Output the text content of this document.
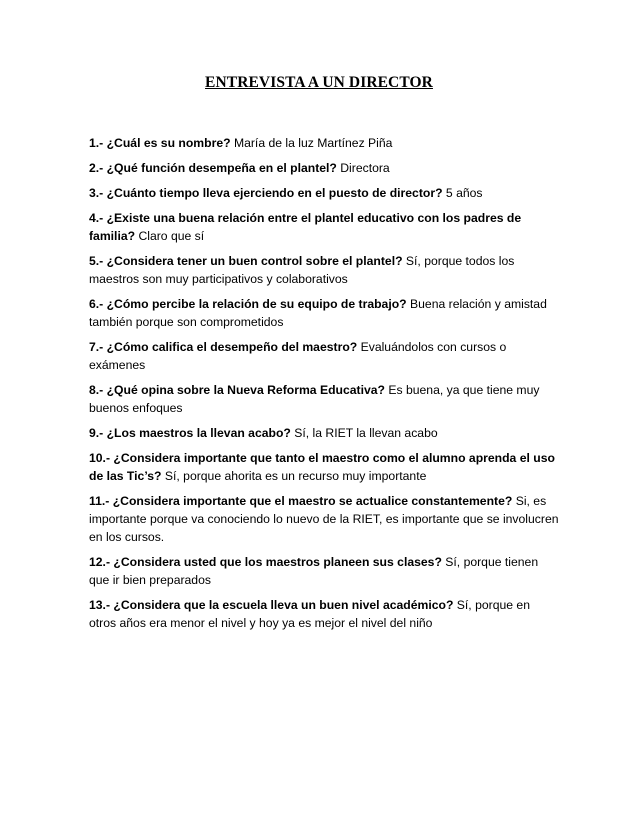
ENTREVISTA A UN DIRECTOR

1.- ¿Cuál es su nombre? María de la luz Martínez Piña

2.- ¿Qué función desempeña en el plantel? Directora

3.- ¿Cuánto tiempo lleva ejerciendo en el puesto de director? 5 años

4.- ¿Existe una buena relación entre el plantel educativo con los padres de familia? Claro que sí

5.- ¿Considera tener un buen control sobre el plantel? Sí, porque todos los maestros son muy participativos y colaborativos

6.- ¿Cómo percibe la relación de su equipo de trabajo? Buena relación y amistad también porque son comprometidos

7.- ¿Cómo califica el desempeño del maestro? Evaluándolos con cursos o exámenes

8.- ¿Qué opina sobre la Nueva Reforma Educativa? Es buena, ya que tiene muy buenos enfoques

9.- ¿Los maestros la llevan acabo? Sí, la RIET la llevan acabo

10.- ¿Considera importante que tanto el maestro como el alumno aprenda el uso de las Tic’s? Sí, porque ahorita es un recurso muy importante

11.- ¿Considera importante que el maestro se actualice constantemente? Si, es importante porque va conociendo lo nuevo de la RIET, es importante que se involucren en los cursos.

12.- ¿Considera usted que los maestros planeen sus clases? Sí, porque tienen que ir bien preparados

13.- ¿Considera que la escuela lleva un buen nivel académico? Sí, porque en otros años era menor el nivel y hoy ya es mejor el nivel del niño
